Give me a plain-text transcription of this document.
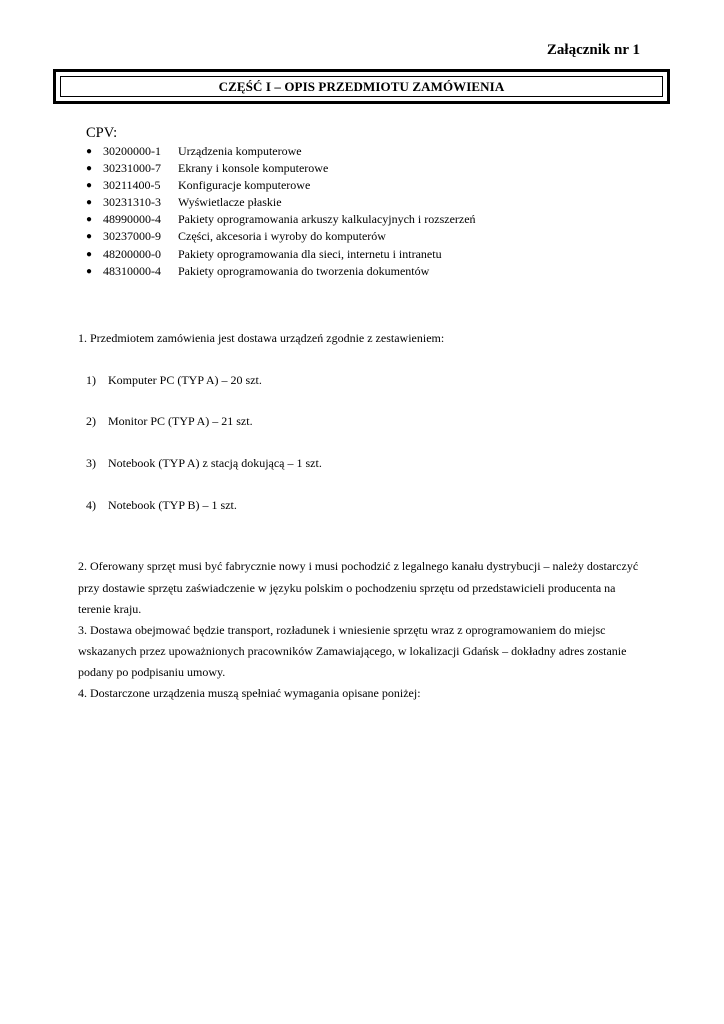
Załącznik nr 1
CZĘŚĆ I – OPIS PRZEDMIOTU ZAMÓWIENIA
CPV:
● 30200000-1	Urządzenia komputerowe
● 30231000-7	Ekrany i konsole komputerowe
● 30211400-5	Konfiguracje komputerowe
● 30231310-3	Wyświetlacze płaskie
● 48990000-4	Pakiety oprogramowania arkuszy kalkulacyjnych i rozszerzeń
● 30237000-9	Części, akcesoria i wyroby do komputerów
● 48200000-0	Pakiety oprogramowania dla sieci, internetu i intranetu
● 48310000-4	Pakiety oprogramowania do tworzenia dokumentów
1. Przedmiotem zamówienia jest dostawa urządzeń zgodnie z zestawieniem:
1)	Komputer PC (TYP A) – 20 szt.
2)	Monitor PC (TYP A) – 21 szt.
3)	Notebook (TYP A) z stacją dokującą – 1 szt.
4)	Notebook (TYP B) – 1 szt.
2. Oferowany sprzęt musi być fabrycznie nowy i musi pochodzić z legalnego kanału dystrybucji – należy dostarczyć
przy dostawie sprzętu zaświadczenie w języku polskim o pochodzeniu sprzętu od przedstawicieli producenta na
terenie kraju.
3. Dostawa obejmować będzie transport, rozładunek i wniesienie sprzętu wraz z oprogramowaniem do miejsc
wskazanych przez upoważnionych pracowników Zamawiającego, w lokalizacji Gdańsk – dokładny adres zostanie
podany po podpisaniu umowy.
4. Dostarczone urządzenia muszą spełniać wymagania opisane poniżej:
